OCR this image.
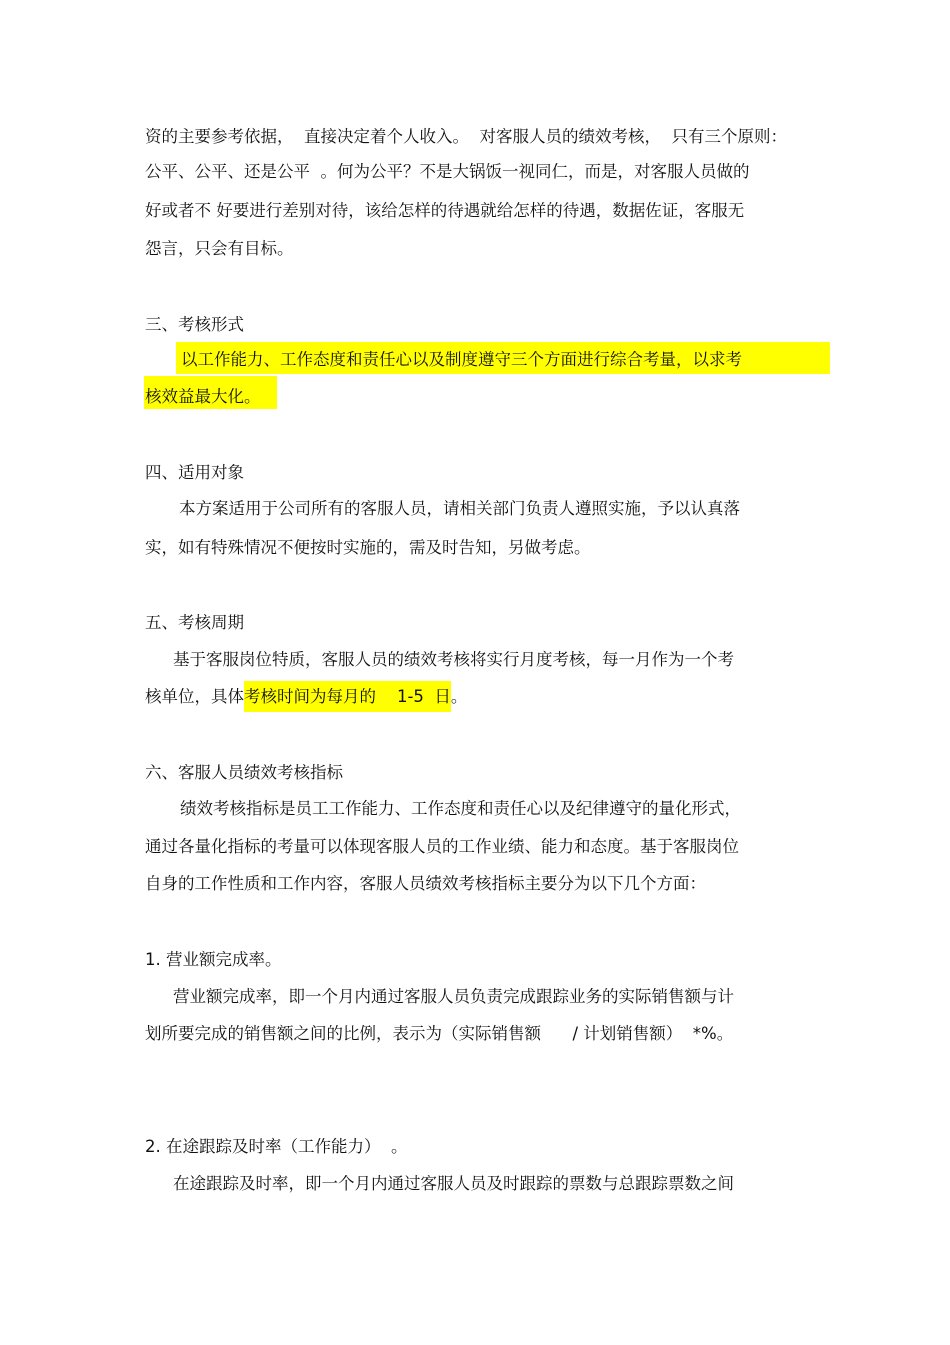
资的主要参考依据，  直接决定着个人收入。  对客服人员的绩效考核，  只有三个原则：
公平、公平、还是公平  。何为公平？不是大锅饭一视同仁，而是，对客服人员做的
好或者不 好要进行差别对待，该给怎样的待遇就给怎样的待遇，数据佐证，客服无
怨言，只会有目标。
三、考核形式
以工作能力、工作态度和责任心以及制度遵守三个方面进行综合考量，以求考
核效益最大化。
四、适用对象
本方案适用于公司所有的客服人员，请相关部门负责人遵照实施，予以认真落
实，如有特殊情况不便按时实施的，需及时告知，另做考虑。
五、考核周期
基于客服岗位特质，客服人员的绩效考核将实行月度考核，每一月作为一个考
核单位，具体考核时间为每月的    1-5  日。
六、客服人员绩效考核指标
绩效考核指标是员工工作能力、工作态度和责任心以及纪律遵守的量化形式，
通过各量化指标的考量可以体现客服人员的工作业绩、能力和态度。基于客服岗位
自身的工作性质和工作内容，客服人员绩效考核指标主要分为以下几个方面：
1. 营业额完成率。
营业额完成率，即一个月内通过客服人员负责完成跟踪业务的实际销售额与计
划所要完成的销售额之间的比例，表示为（实际销售额      / 计划销售额）  *%。
2. 在途跟踪及时率（工作能力）  。
在途跟踪及时率，即一个月内通过客服人员及时跟踪的票数与总跟踪票数之间
